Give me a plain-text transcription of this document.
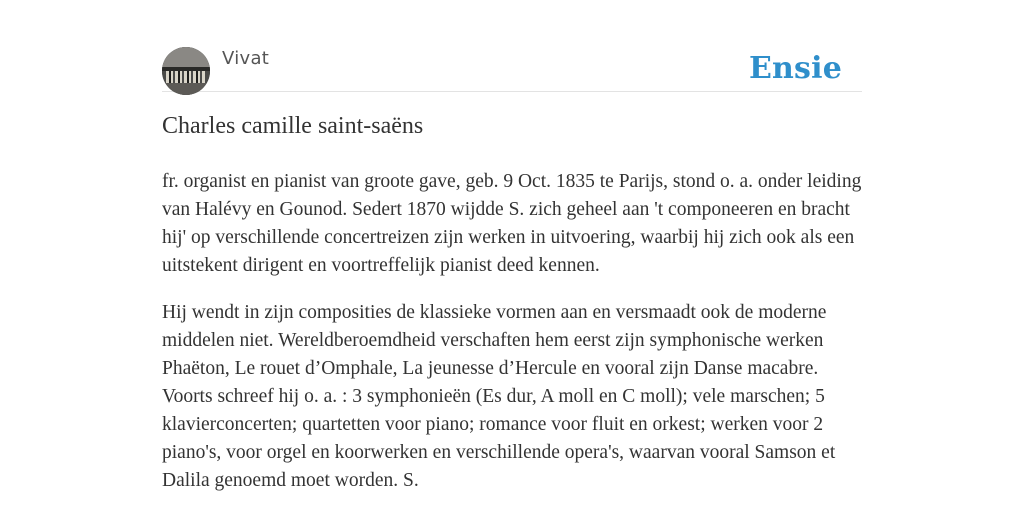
Vivat	Ensie
Charles camille saint-saëns

fr. organist en pianist van groote gave, geb. 9 Oct. 1835 te Parijs, stond o. a. onder leiding van Halévy en Gounod. Sedert 1870 wijdde S. zich geheel aan 't componeeren en bracht hij' op verschillende concertreizen zijn werken in uitvoering, waarbij hij zich ook als een uitstekent dirigent en voortreffelijk pianist deed kennen.

Hij wendt in zijn composities de klassieke vormen aan en versmaadt ook de moderne middelen niet. Wereldberoemdheid verschaften hem eerst zijn symphonische werken Phaëton, Le rouet d’Omphale, La jeunesse d’Hercule en vooral zijn Danse macabre. Voorts schreef hij o. a. : 3 symphonieën (Es dur, A moll en C moll); vele marschen; 5 klavierconcerten; quartetten voor piano; romance voor fluit en orkest; werken voor 2 piano's, voor orgel en koorwerken en verschillende opera's, waarvan vooral Samson et Dalila genoemd moet worden. S.
